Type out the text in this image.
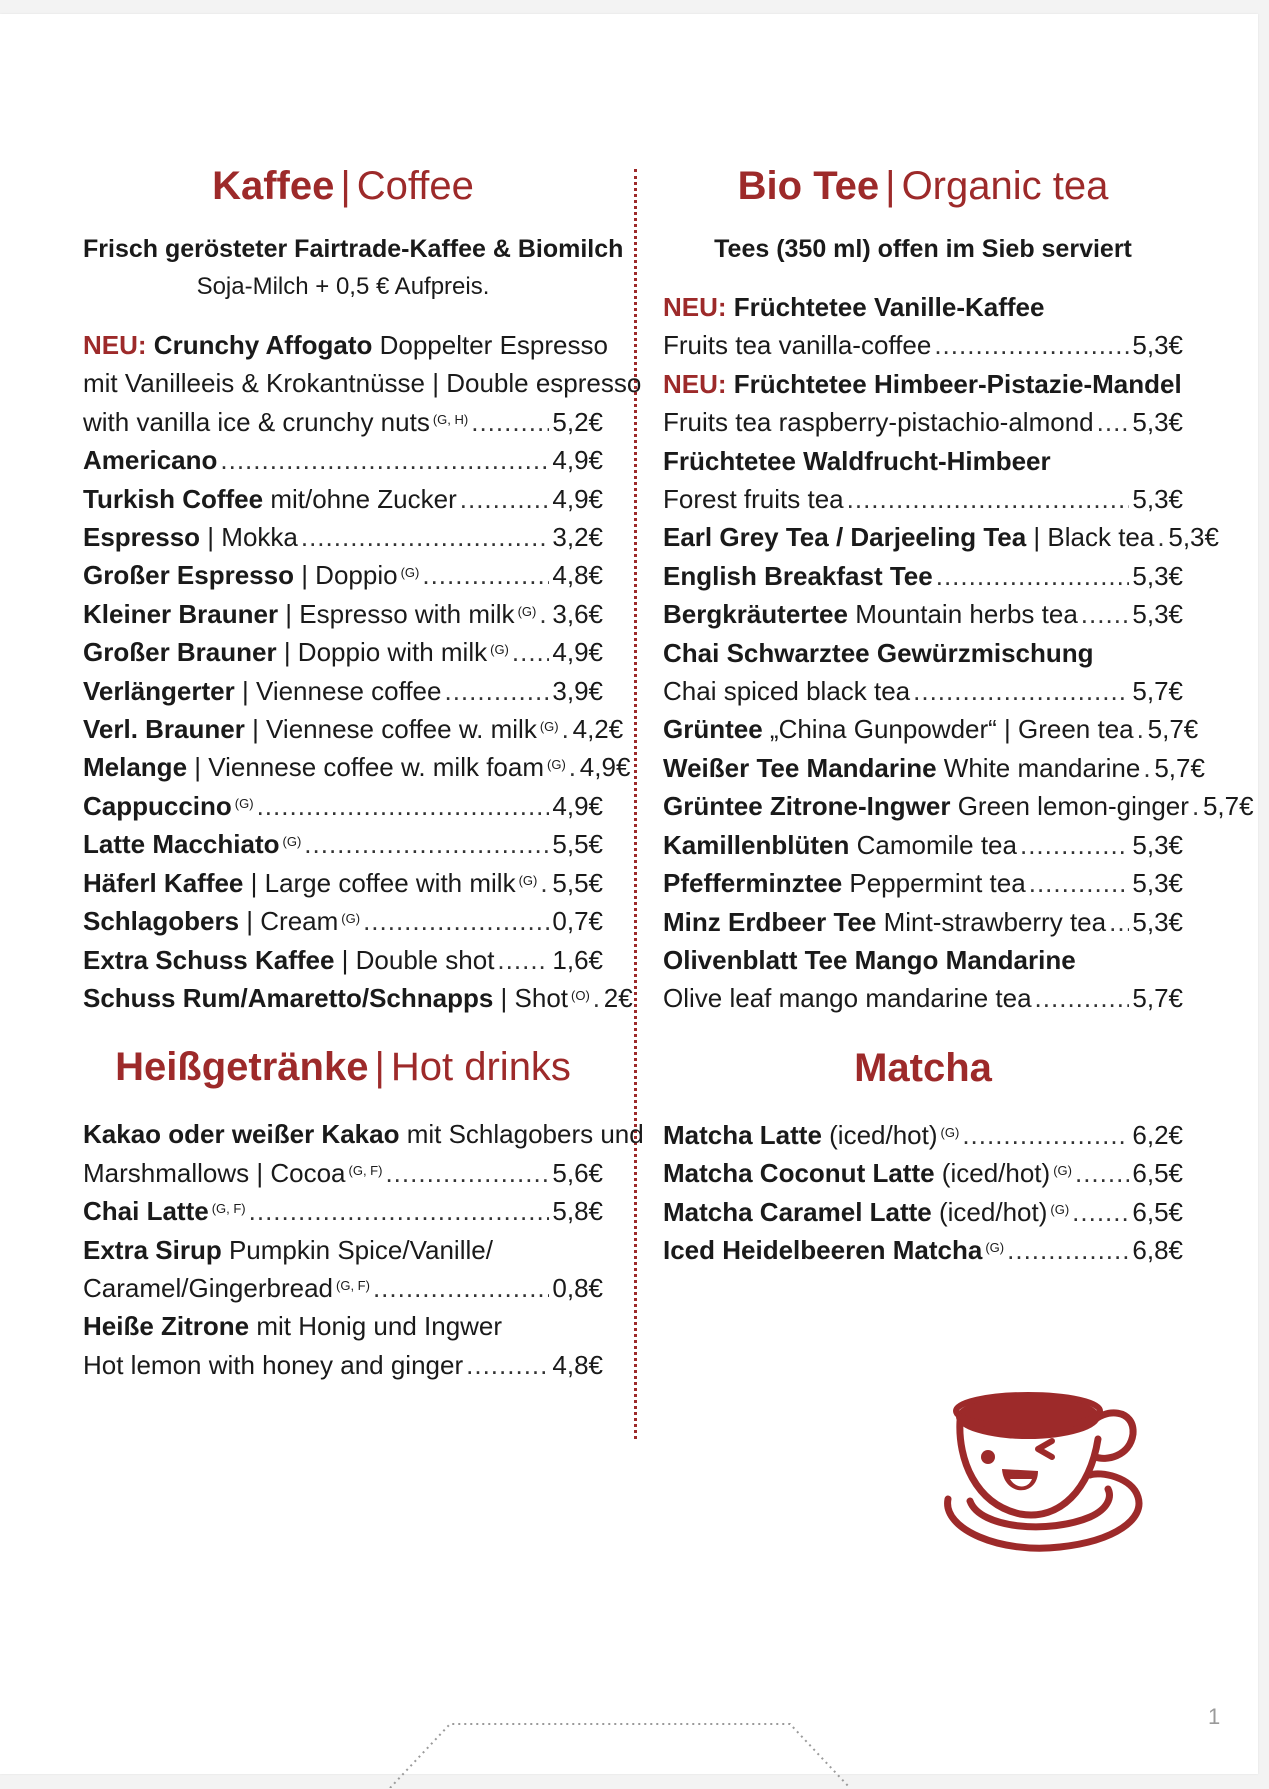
Kaffee | Coffee
Frisch gerösteter Fairtrade-Kaffee & Biomilch
Soja-Milch + 0,5 € Aufpreis.
NEU: Crunchy Affogato Doppelter Espresso
mit Vanilleeis & Krokantnüsse | Double espresso
with vanilla ice & crunchy nuts $^{(G, H)}$ .....	5,2€
Americano .....	4,9€
Turkish Coffee mit/ohne Zucker .....	4,9€
Espresso | Mokka .....	3,2€
Großer Espresso | Doppio $^{(G)}$ .....	4,8€
Kleiner Brauner | Espresso with milk $^{(G)}$ ..... 3,6€
Großer Brauner | Doppio with milk $^{(G)}$ ..... 4,9€
Verlängerter | Viennese coffee .....	3,9€
Verl. Brauner | Viennese coffee w. milk $^{(G)}$ ..... 4,2€
Melange | Viennese coffee w. milk foam $^{(G)}$ ..... 4,9€
Cappuccino $^{(G)}$ .....	4,9€
Latte Macchiato $^{(G)}$ .....	5,5€
Häferl Kaffee | Large coffee with milk $^{(G)}$ ..... 5,5€
Schlagobers | Cream $^{(G)}$ .....	0,7€
Extra Schuss Kaffee | Double shot ..... 1,6€
Schuss Rum/Amaretto/Schnapps | Shot $^{(O)}$ ..... 2€
Heißgetränke | Hot drinks
Kakao oder weißer Kakao mit Schlagobers und
Marshmallows | Cocoa $^{(G, F)}$ .....	5,6€
Chai Latte $^{(G, F)}$ .....	5,8€
Extra Sirup Pumpkin Spice/Vanille/
Caramel/Gingerbread $^{(G, F)}$ .....	0,8€
Heiße Zitrone mit Honig und Ingwer
Hot lemon with honey and ginger .....	4,8€
Bio Tee | Organic tea
Tees (350 ml) offen im Sieb serviert
NEU: Früchtetee Vanille-Kaffee
Fruits tea vanilla-coffee .....	5,3€
NEU: Früchtetee Himbeer-Pistazie-Mandel
Fruits tea raspberry-pistachio-almond ..... 5,3€
Früchtetee Waldfrucht-Himbeer
Forest fruits tea .....	5,3€
Earl Grey Tea / Darjeeling Tea | Black tea ..... 5,3€
English Breakfast Tee .....	5,3€
Bergkräutertee Mountain herbs tea ..... 5,3€
Chai Schwarztee Gewürzmischung
Chai spiced black tea .....	5,7€
Grüntee „China Gunpowder“ | Green tea ..... 5,7€
Weißer Tee Mandarine White mandarine ..... 5,7€
Grüntee Zitrone-Ingwer Green lemon-ginger ..... 5,7€
Kamillenblüten Camomile tea .....	5,3€
Pfefferminztee Peppermint tea .....	5,3€
Minz Erdbeer Tee Mint-strawberry tea ..... 5,3€
Olivenblatt Tee Mango Mandarine
Olive leaf mango mandarine tea .....	5,7€
Matcha
Matcha Latte (iced/hot) $^{(G)}$ .....	6,2€
Matcha Coconut Latte (iced/hot) $^{(G)}$ ..... 6,5€
Matcha Caramel Latte (iced/hot) $^{(G)}$ ..... 6,5€
Iced Heidelbeeren Matcha $^{(G)}$ .....	6,8€
1
